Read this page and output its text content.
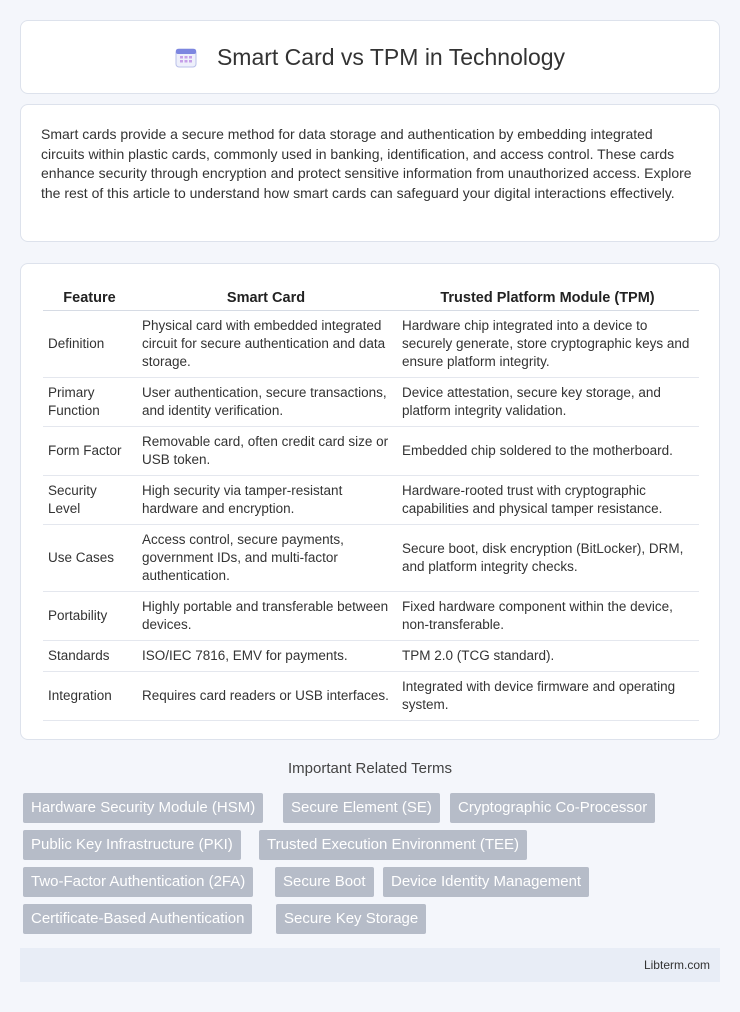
Smart Card vs TPM in Technology

Smart cards provide a secure method for data storage and authentication by embedding integrated circuits within plastic cards, commonly used in banking, identification, and access control. These cards enhance security through encryption and protect sensitive information from unauthorized access. Explore the rest of this article to understand how smart cards can safeguard your digital interactions effectively.

Feature	Smart Card	Trusted Platform Module (TPM)
Definition	Physical card with embedded integrated circuit for secure authentication and data storage.	Hardware chip integrated into a device to securely generate, store cryptographic keys and ensure platform integrity.
Primary Function	User authentication, secure transactions, and identity verification.	Device attestation, secure key storage, and platform integrity validation.
Form Factor	Removable card, often credit card size or USB token.	Embedded chip soldered to the motherboard.
Security Level	High security via tamper-resistant hardware and encryption.	Hardware-rooted trust with cryptographic capabilities and physical tamper resistance.
Use Cases	Access control, secure payments, government IDs, and multi-factor authentication.	Secure boot, disk encryption (BitLocker), DRM, and platform integrity checks.
Portability	Highly portable and transferable between devices.	Fixed hardware component within the device, non-transferable.
Standards	ISO/IEC 7816, EMV for payments.	TPM 2.0 (TCG standard).
Integration	Requires card readers or USB interfaces.	Integrated with device firmware and operating system.
Important Related Terms
Hardware Security Module (HSM)	Secure Element (SE)	Cryptographic Co-Processor
Public Key Infrastructure (PKI)	Trusted Execution Environment (TEE)
Two-Factor Authentication (2FA)	Secure Boot	Device Identity Management
Certificate-Based Authentication	Secure Key Storage
Libterm.com
